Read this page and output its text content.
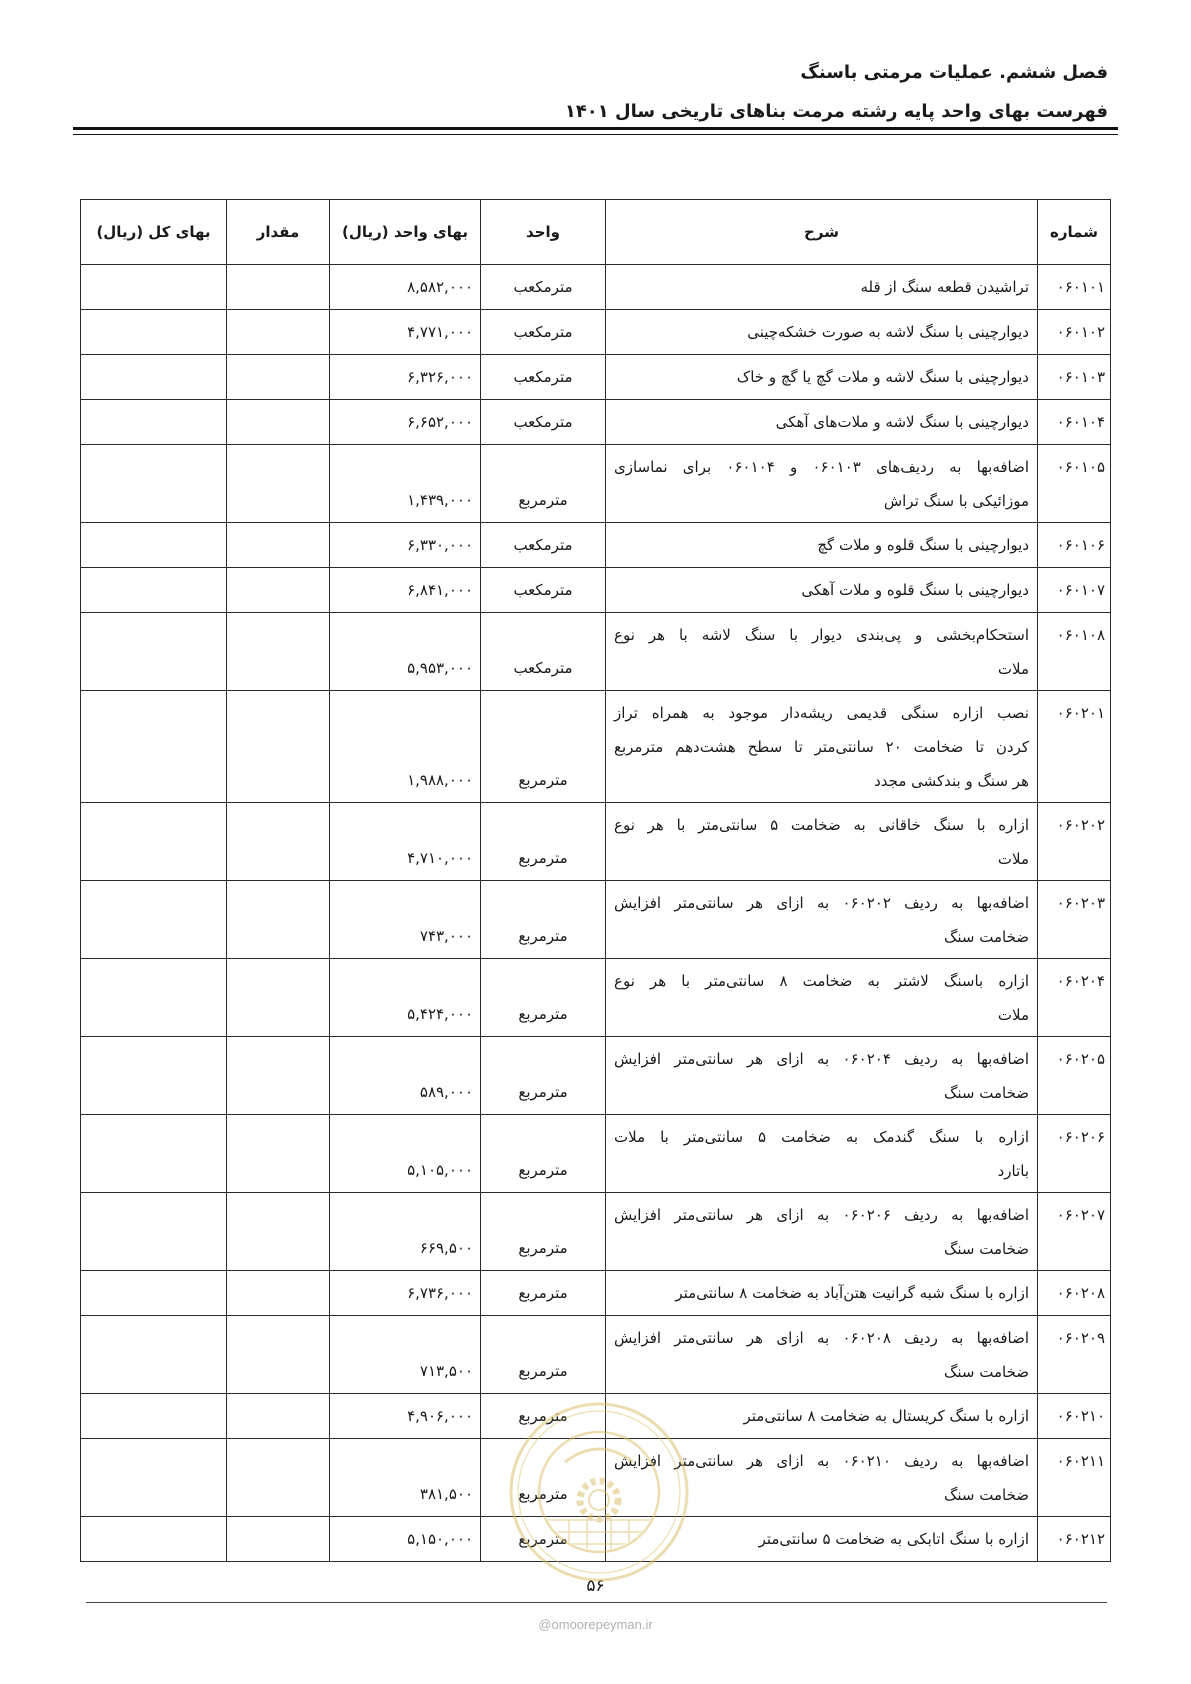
فصل ششم. عملیات مرمتی باسنگ
فهرست بهای واحد پایه رشته مرمت بناهای تاریخی سال ۱۴۰۱
شماره	شرح	واحد	بهای واحد (ریال)	مقدار	بهای کل (ریال)
۰۶۰۱۰۱	تراشیدن قطعه سنگ از قله	مترمکعب	۸,۵۸۲,۰۰۰		
۰۶۰۱۰۲	دیوارچینی با سنگ لاشه به صورت خشکه‌چینی	مترمکعب	۴,۷۷۱,۰۰۰		
۰۶۰۱۰۳	دیوارچینی با سنگ لاشه و ملات گچ یا گچ و خاک	مترمکعب	۶,۳۲۶,۰۰۰		
۰۶۰۱۰۴	دیوارچینی با سنگ لاشه و ملات‌های آهکی	مترمکعب	۶,۶۵۲,۰۰۰		
۰۶۰۱۰۵	اضافه‌بها به ردیف‌های ۰۶۰۱۰۳ و ۰۶۰۱۰۴ برای نماسازی
موزائیکی با سنگ تراش	مترمربع	۱,۴۳۹,۰۰۰		
۰۶۰۱۰۶	دیوارچینی با سنگ قلوه و ملات گچ	مترمکعب	۶,۳۳۰,۰۰۰		
۰۶۰۱۰۷	دیوارچینی با سنگ قلوه و ملات آهکی	مترمکعب	۶,۸۴۱,۰۰۰		
۰۶۰۱۰۸	استحکام‌بخشی و پی‌بندی دیوار با سنگ لاشه با هر نوع
ملات	مترمکعب	۵,۹۵۳,۰۰۰		
۰۶۰۲۰۱	نصب ازاره سنگی قدیمی ریشه‌دار موجود به همراه تراز
کردن تا ضخامت ۲۰ سانتی‌متر تا سطح هشت‌دهم مترمربع
هر سنگ و بندکشی مجدد	مترمربع	۱,۹۸۸,۰۰۰		
۰۶۰۲۰۲	ازاره با سنگ خاقانی به ضخامت ۵ سانتی‌متر با هر نوع
ملات	مترمربع	۴,۷۱۰,۰۰۰		
۰۶۰۲۰۳	اضافه‌بها به ردیف ۰۶۰۲۰۲ به ازای هر سانتی‌متر افزایش
ضخامت سنگ	مترمربع	۷۴۳,۰۰۰		
۰۶۰۲۰۴	ازاره باسنگ لاشتر به ضخامت ۸ سانتی‌متر با هر نوع
ملات	مترمربع	۵,۴۲۴,۰۰۰		
۰۶۰۲۰۵	اضافه‌بها به ردیف ۰۶۰۲۰۴ به ازای هر سانتی‌متر افزایش
ضخامت سنگ	مترمربع	۵۸۹,۰۰۰		
۰۶۰۲۰۶	ازاره با سنگ گندمک به ضخامت ۵ سانتی‌متر با ملات
باتارد	مترمربع	۵,۱۰۵,۰۰۰		
۰۶۰۲۰۷	اضافه‌بها به ردیف ۰۶۰۲۰۶ به ازای هر سانتی‌متر افزایش
ضخامت سنگ	مترمربع	۶۶۹,۵۰۰		
۰۶۰۲۰۸	ازاره با سنگ شبه گرانیت هتن‌آباد به ضخامت ۸ سانتی‌متر	مترمربع	۶,۷۳۶,۰۰۰		
۰۶۰۲۰۹	اضافه‌بها به ردیف ۰۶۰۲۰۸ به ازای هر سانتی‌متر افزایش
ضخامت سنگ	مترمربع	۷۱۳,۵۰۰		
۰۶۰۲۱۰	ازاره با سنگ کریستال به ضخامت ۸ سانتی‌متر	مترمربع	۴,۹۰۶,۰۰۰		
۰۶۰۲۱۱	اضافه‌بها به ردیف ۰۶۰۲۱۰ به ازای هر سانتی‌متر افزایش
ضخامت سنگ	مترمربع	۳۸۱,۵۰۰		
۰۶۰۲۱۲	ازاره با سنگ اتابکی به ضخامت ۵ سانتی‌متر	مترمربع	۵,۱۵۰,۰۰۰		
۵۶
@omoorepeyman.ir
